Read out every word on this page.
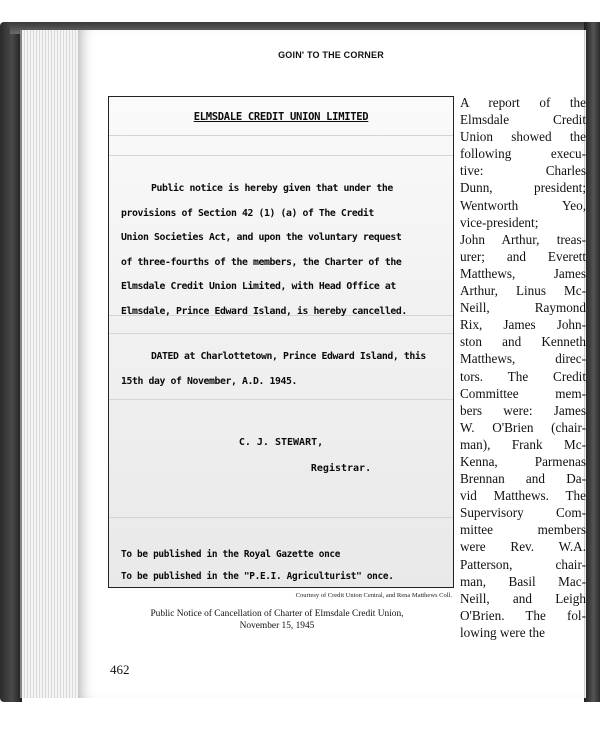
GOIN' TO THE CORNER
ELMSDALE CREDIT UNION LIMITED
Public notice is hereby given that under the
provisions of Section 42 (1) (a) of The Credit
Union Societies Act, and upon the voluntary request
of three-fourths of the members, the Charter of the
Elmsdale Credit Union Limited, with Head Office at
Elmsdale, Prince Edward Island, is hereby cancelled.
DATED at Charlottetown, Prince Edward Island, this
15th day of November, A.D. 1945.
C. J. STEWART,
Registrar.
To be published in the Royal Gazette once
To be published in the "P.E.I. Agriculturist" once.
Courtesy of Credit Union Central, and Rena Matthews Coll.
Public Notice of Cancellation of Charter of Elmsdale Credit Union,
November 15, 1945
A report of the
Elmsdale Credit
Union showed the
following execu-
tive: Charles
Dunn, president;
Wentworth Yeo,
vice-president;
John Arthur, treas-
urer; and Everett
Matthews, James
Arthur, Linus Mc-
Neill, Raymond
Rix, James John-
ston and Kenneth
Matthews, direc-
tors. The Credit
Committee mem-
bers were: James
W. O'Brien (chair-
man), Frank Mc-
Kenna, Parmenas
Brennan and Da-
vid Matthews. The
Supervisory Com-
mittee members
were Rev. W.A.
Patterson, chair-
man, Basil Mac-
Neill, and Leigh
O'Brien. The fol-
lowing were the
462
